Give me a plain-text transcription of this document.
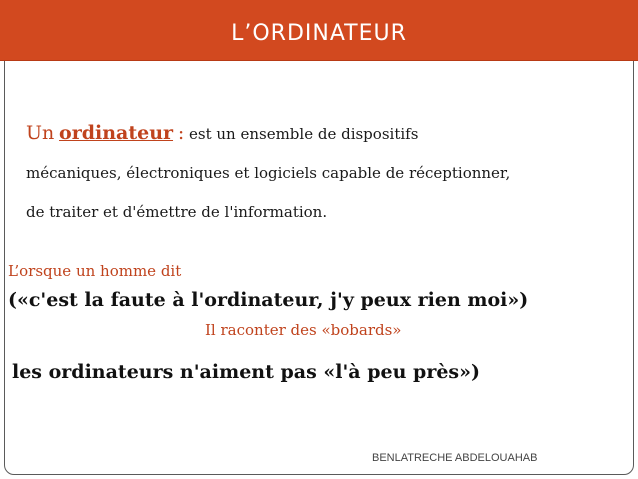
L’ORDINATEUR
Un ordinateur : est un ensemble de dispositifs
mécaniques, électroniques et logiciels capable de réceptionner,
de traiter et d'émettre de l'information.
L’orsque un homme dit
(«c'est la faute à l'ordinateur, j'y peux rien moi»)
Il raconter des «bobards»
les ordinateurs n'aiment pas «l'à peu près»)
BENLATRECHE ABDELOUAHAB
